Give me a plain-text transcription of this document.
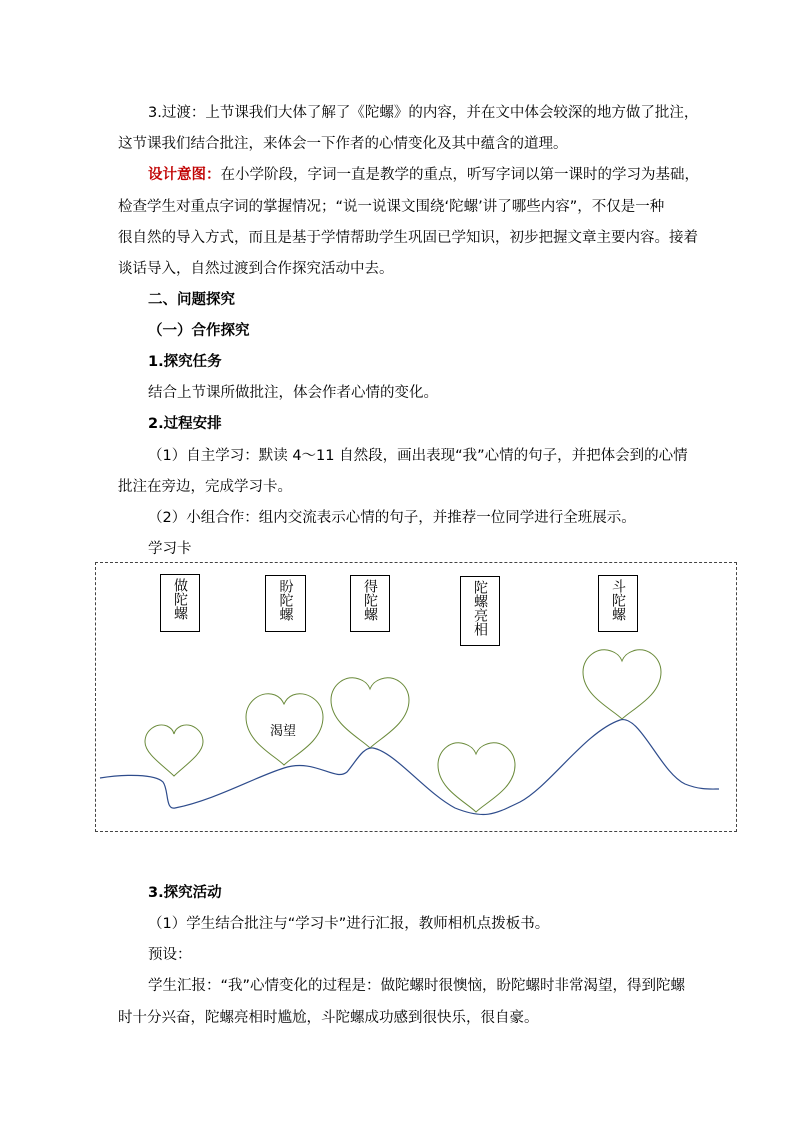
3.过渡：上节课我们大体了解了《陀螺》的内容，并在文中体会较深的地方做了批注，
这节课我们结合批注，来体会一下作者的心情变化及其中蕴含的道理。
设计意图：在小学阶段，字词一直是教学的重点，听写字词以第一课时的学习为基础，
检查学生对重点字词的掌握情况；“说一说课文围绕‘陀螺’讲了哪些内容”，不仅是一种
很自然的导入方式，而且是基于学情帮助学生巩固已学知识，初步把握文章主要内容。接着
谈话导入，自然过渡到合作探究活动中去。
二、问题探究
（一）合作探究
1.探究任务
结合上节课所做批注，体会作者心情的变化。
2.过程安排
（1）自主学习：默读 4～11 自然段，画出表现“我”心情的句子，并把体会到的心情
批注在旁边，完成学习卡。
（2）小组合作：组内交流表示心情的句子，并推荐一位同学进行全班展示。
学习卡
渴望
做陀螺	盼陀螺	得陀螺	陀螺亮相	斗陀螺
3.探究活动
（1）学生结合批注与“学习卡”进行汇报，教师相机点拨板书。
预设：
学生汇报：“我”心情变化的过程是：做陀螺时很懊恼，盼陀螺时非常渴望，得到陀螺
时十分兴奋，陀螺亮相时尴尬，斗陀螺成功感到很快乐，很自豪。
